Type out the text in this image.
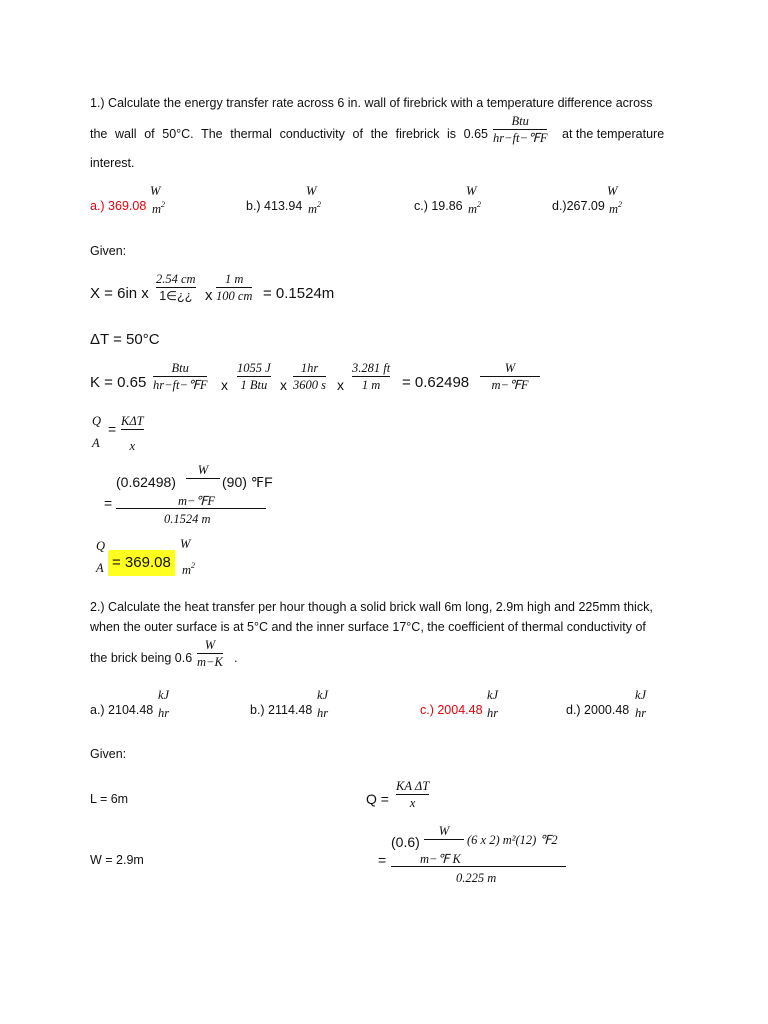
1.) Calculate the energy transfer rate across 6 in. wall of firebrick with a temperature difference across
the wall of 50°C. The thermal conductivity of the firebrick is 0.65
Btu
hr−ft−℉F at the temperature
interest.
a.) 369.08
W
$m^2$	b.) 413.94
W
$m^2$	c.) 19.86
W
$m^2$	d.)267.09
W
$m^2$
Given:
X = 6in x
2.54 cm
1∈¿¿ x
1 m
100 cm = 0.1524m
ΔT = 50°C
K = 0.65
Btu
hr−ft−℉F x
1055 J
1 Btu x
1hr
3600 s x
3.281 ft
1 m = 0.62498
W
m−℉F
Q
A
= KΔT
x
(0.62498)
W
(90) ℉F
=	m−℉F
0.1524 m
Q
A = 369.08
W
$m^2$
2.) Calculate the heat transfer per hour though a solid brick wall 6m long, 2.9m high and 225mm thick,
when the outer surface is at 5°C and the inner surface 17°C, the coefficient of thermal conductivity of
the brick being 0.6
W
m−K .
a.) 2104.48
kJ
hr	b.) 2114.48
kJ
hr	c.) 2004.48
kJ
hr	d.) 2000.48
kJ
hr
Given:
L = 6m	Q =
KA ΔT
x
W = 2.9m
(0.6)
W
(6 x 2) m²(12) ℉2
=	m−℉ K
0.225 m
